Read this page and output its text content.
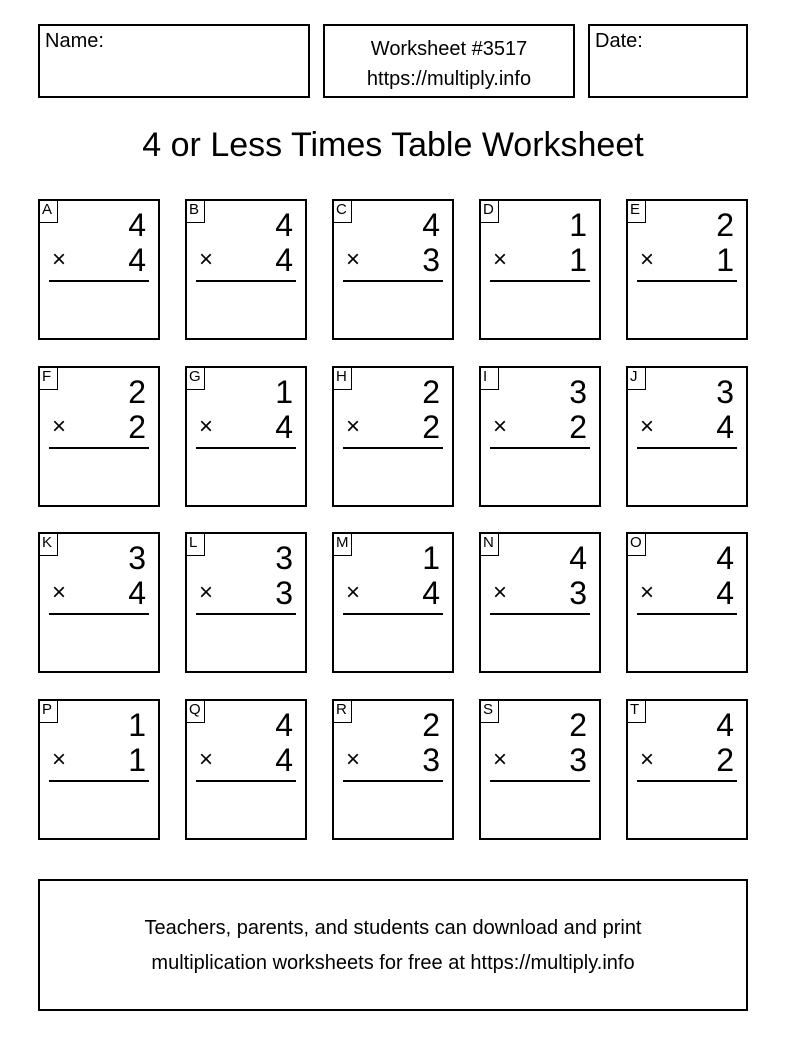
Name:	Worksheet #3517
https://multiply.info
Date:
4 or Less Times Table Worksheet
A 4
× 4
B 4
× 4
C 4
× 3
D 1
× 1
E 2
× 1
F 2
× 2
G 1
× 4
H 2
× 2
I	3
× 2
J 3
× 4
K 3
× 4
L 3
× 3
M 1
× 4
N 4
× 3
O 4
× 4
P 1
× 1
Q 4
× 4
R 2
× 3
S 2
× 3
T 4
× 2
Teachers, parents, and students can download and print
multiplication worksheets for free at https://multiply.info
